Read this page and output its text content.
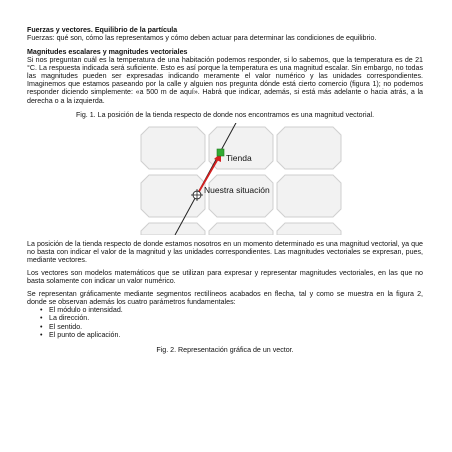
Fuerzas y vectores. Equilibrio de la partícula

Fuerzas: qué son, cómo las representamos y cómo deben actuar para determinar las condiciones de equilibrio.

Magnitudes escalares y magnitudes vectoriales

Si nos preguntan cuál es la temperatura de una habitación podemos responder, si lo sabemos, que la temperatura es de 21 °C. La respuesta indicada será suficiente. Esto es así porque la temperatura es una magnitud escalar. Sin embargo, no todas las magnitudes pueden ser expresadas indicando meramente el valor numérico y las unidades correspondientes. Imaginemos que estamos paseando por la calle y alguien nos pregunta dónde está cierto comercio (figura 1); no podemos responder diciendo simplemente: «a 500 m de aquí». Habrá que indicar, además, si está más adelante o hacia atrás, a la derecha o a la izquierda.

Fig. 1. La posición de la tienda respecto de donde nos encontramos es una magnitud vectorial.

Tienda
Nuestra situación

La posición de la tienda respecto de donde estamos nosotros en un momento determinado es una magnitud vectorial, ya que no basta con indicar el valor de la magnitud y las unidades correspondientes. Las magnitudes vectoriales se expresan, pues, mediante vectores.

Los vectores son modelos matemáticos que se utilizan para expresar y representar magnitudes vectoriales, en las que no basta solamente con indicar un valor numérico.

Se representan gráficamente mediante segmentos rectilíneos acabados en flecha, tal y como se muestra en la figura 2, donde se observan además los cuatro parámetros fundamentales:

• El módulo o intensidad.
• La dirección.
• El sentido.
• El punto de aplicación.

Fig. 2. Representación gráfica de un vector.
